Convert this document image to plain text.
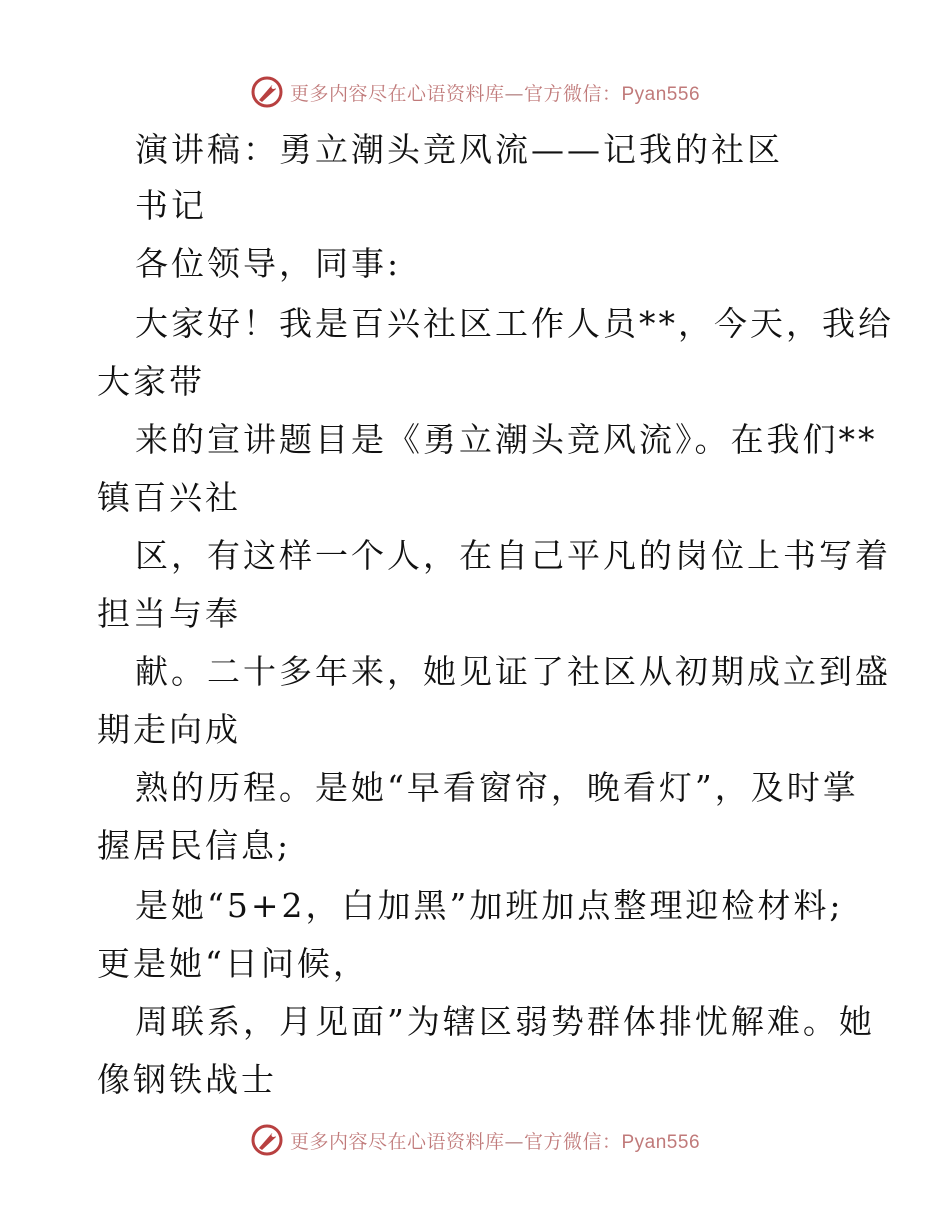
更多内容尽在心语资料库—官方微信：Pyan556
演讲稿：勇立潮头竞风流——记我的社区
书记
各位领导，同事:
大家好！我是百兴社区工作人员**，今天，我给
大家带
来的宣讲题目是《勇立潮头竞风流》。在我们**
镇百兴社
区，有这样一个人，在自己平凡的岗位上书写着
担当与奉
献。二十多年来，她见证了社区从初期成立到盛
期走向成
熟的历程。是她“早看窗帘，晚看灯”，及时掌
握居民信息;
是她“5+2，白加黑”加班加点整理迎检材料;
更是她“日问候，
周联系，月见面”为辖区弱势群体排忧解难。她
像钢铁战士
更多内容尽在心语资料库—官方微信：Pyan556
